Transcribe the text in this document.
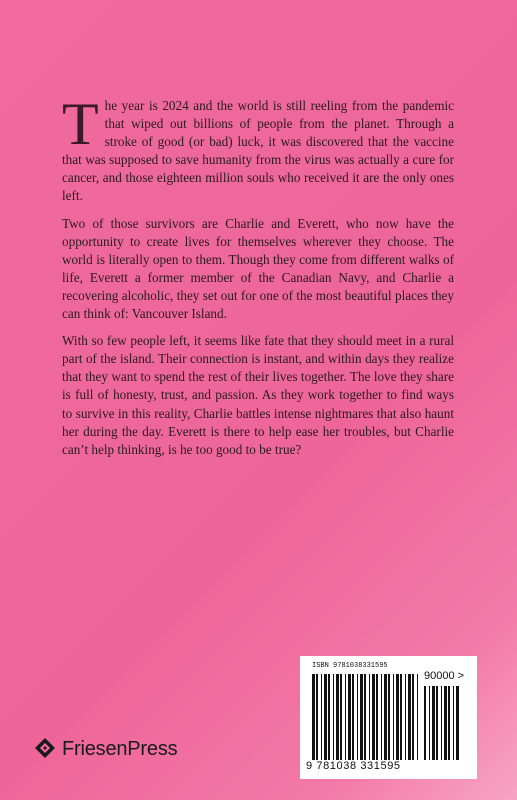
The year is 2024 and the world is still reeling from the pandemic that wiped out billions of people from the planet. Through a stroke of good (or bad) luck, it was discovered that the vaccine that was supposed to save humanity from the virus was actually a cure for cancer, and those eighteen million souls who received it are the only ones left.

Two of those survivors are Charlie and Everett, who now have the opportunity to create lives for themselves wherever they choose. The world is literally open to them. Though they come from different walks of life, Everett a former member of the Canadian Navy, and Charlie a recovering alcoholic, they set out for one of the most beautiful places they can think of: Vancouver Island.

With so few people left, it seems like fate that they should meet in a rural part of the island. Their connection is instant, and within days they realize that they want to spend the rest of their lives together. The love they share is full of honesty, trust, and passion. As they work together to find ways to survive in this reality, Charlie battles intense nightmares that also haunt her during the day. Everett is there to help ease her troubles, but Charlie can’t help thinking, is he too good to be true?

FriesenPress
ISBN 9781038331595
90000 >
9 781038 331595
